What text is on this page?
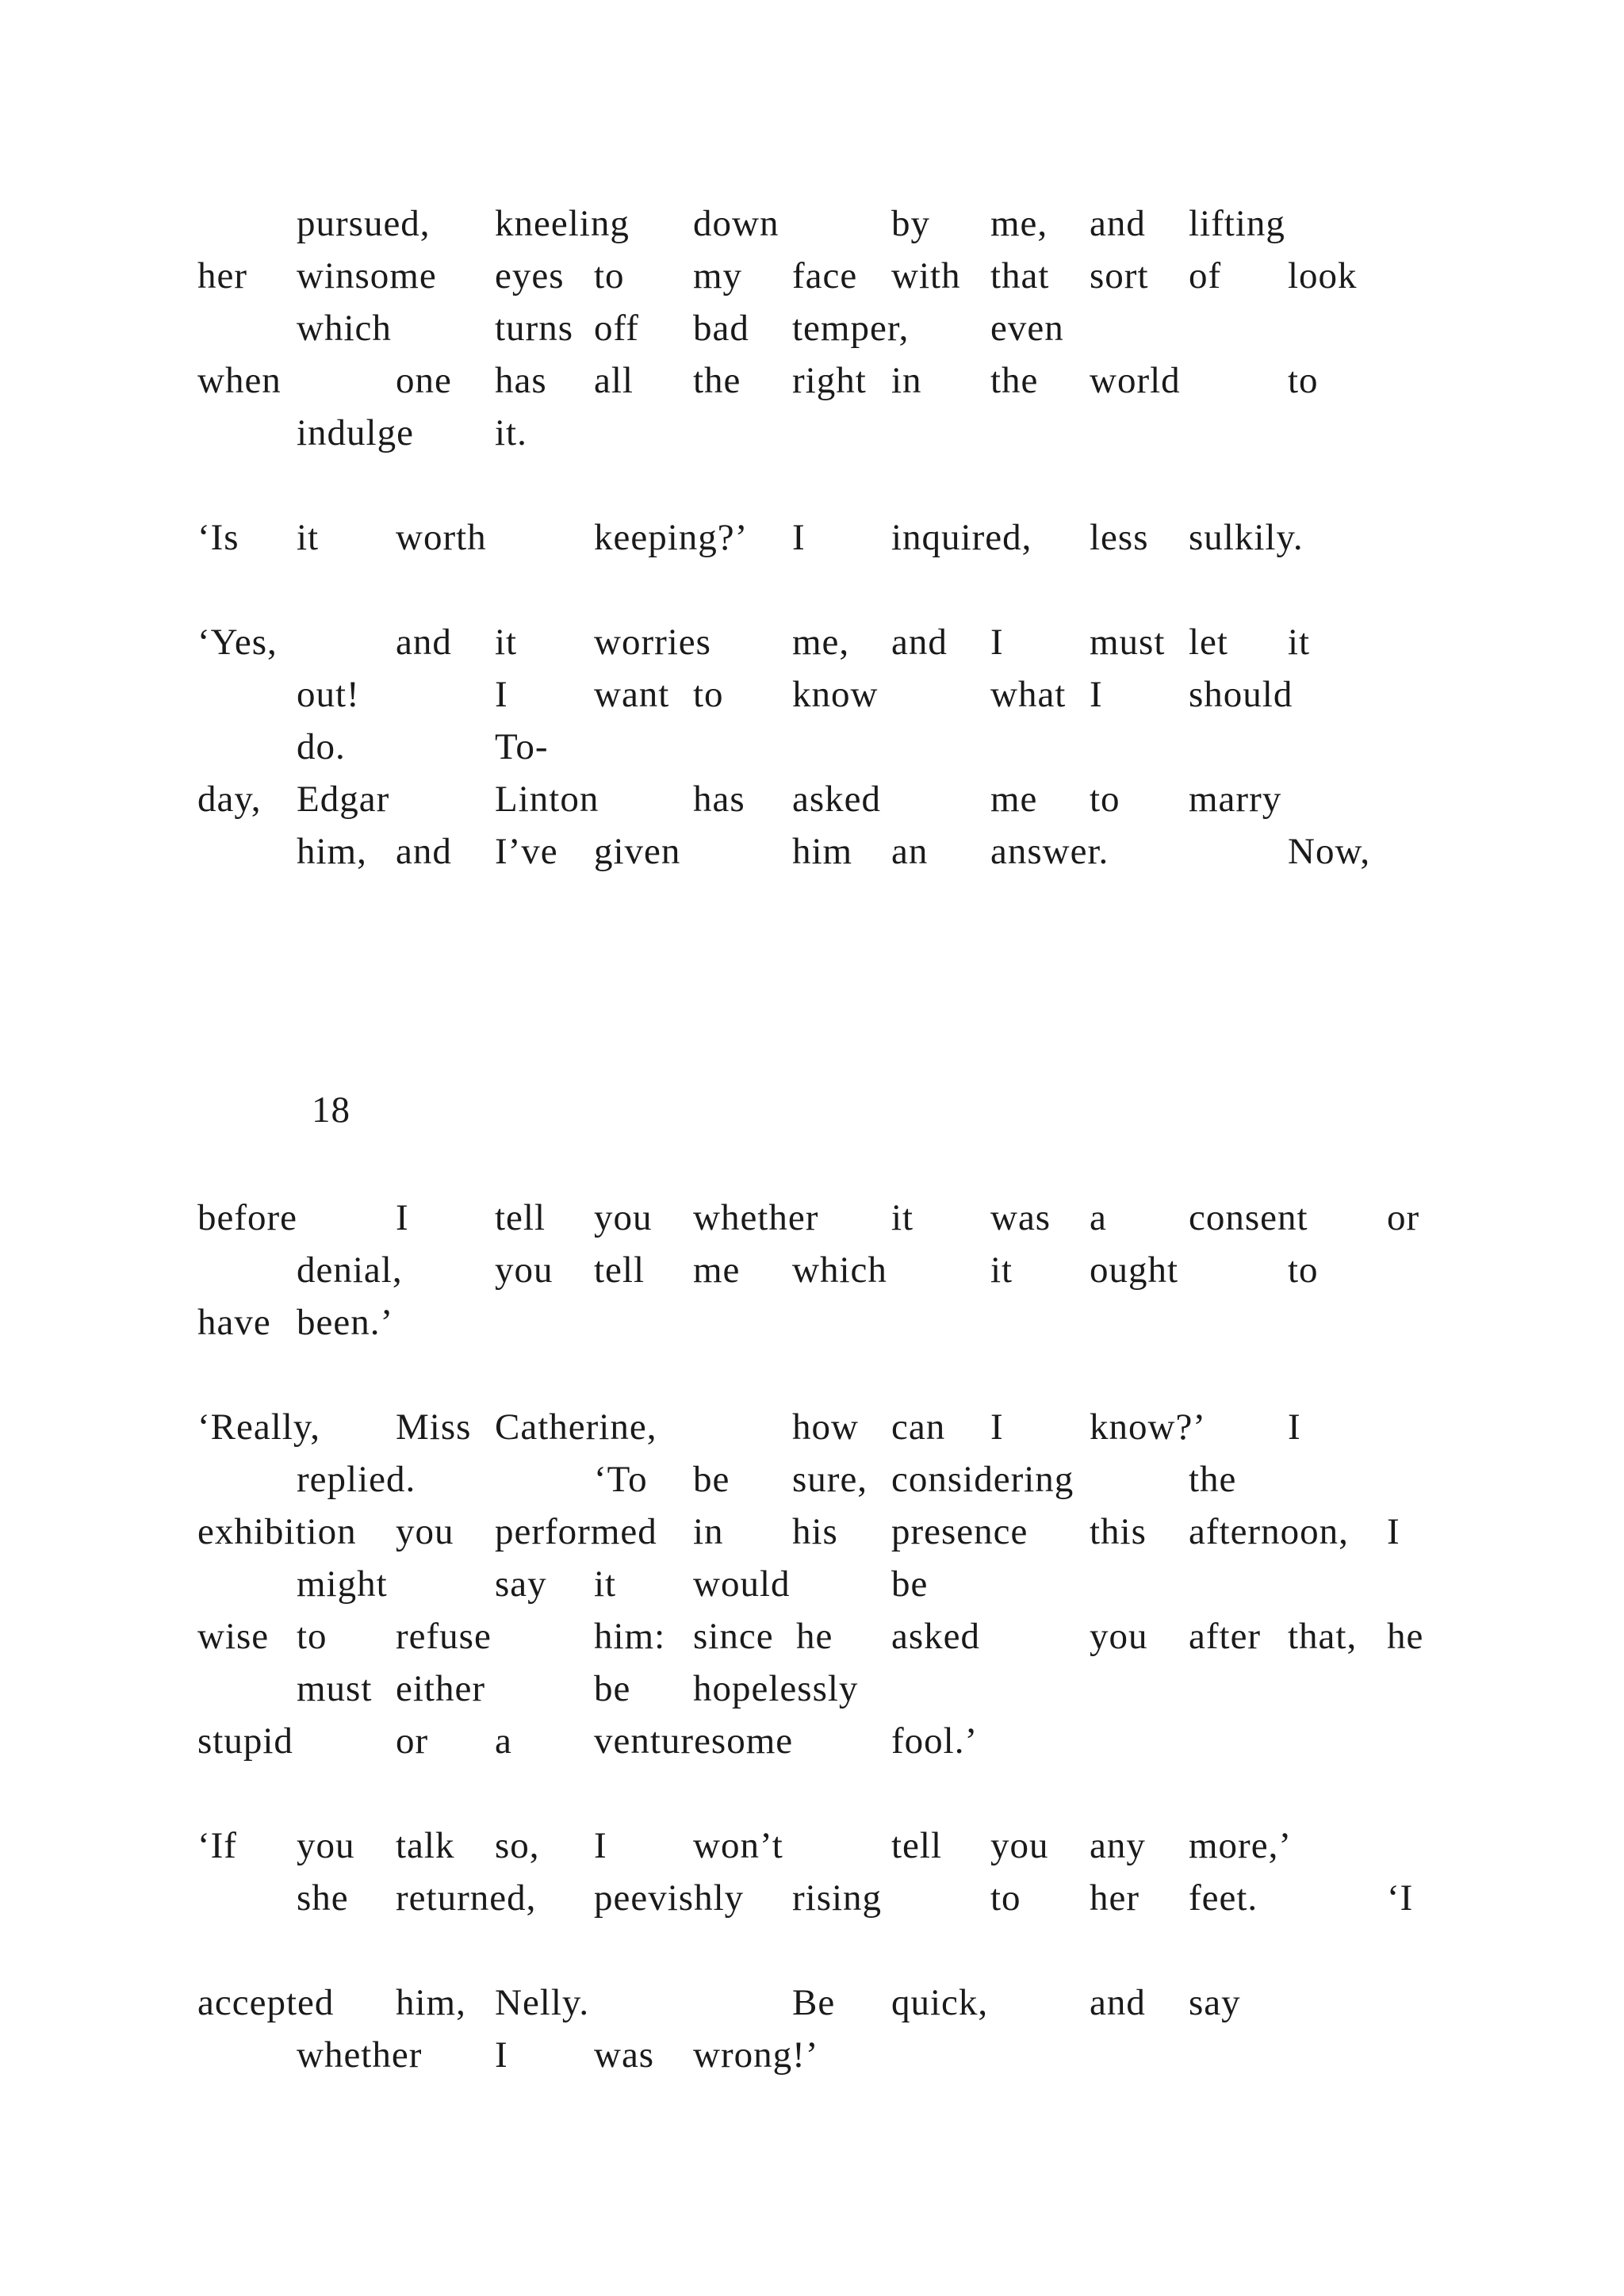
pursued, kneeling down	by me, and lifting
her winsome eyes to my face with that sort of look
which	turns off bad temper, even
when	one has all the right in the world	to
indulge it.
‘Is it worth	keeping?’ I inquired, less sulkily.
‘Yes,	and it worries me, and I must let it
out!	I want to know	what I should
do.	To-
day, Edgar	Linton	has asked	me to marry
him, and I’ve given	him an answer.	Now,
18
before	I tell you whether it was a consent or
denial, you tell me which	it ought	to
have been.’
‘Really, Miss Catherine,	how can I know?’ I
replied.	‘To be sure, considering	the
exhibition you performed in his presence this afternoon, I
might	say it would	be
wise to refuse	him: since he asked	you after that, he
must either	be hopelessly
stupid	or a venturesome	fool.’
‘If you talk so, I won’t	tell you any more,’
she returned, peevishly rising	to her feet.	‘I
accepted him, Nelly.	Be quick,	and say
whether I was wrong!’
